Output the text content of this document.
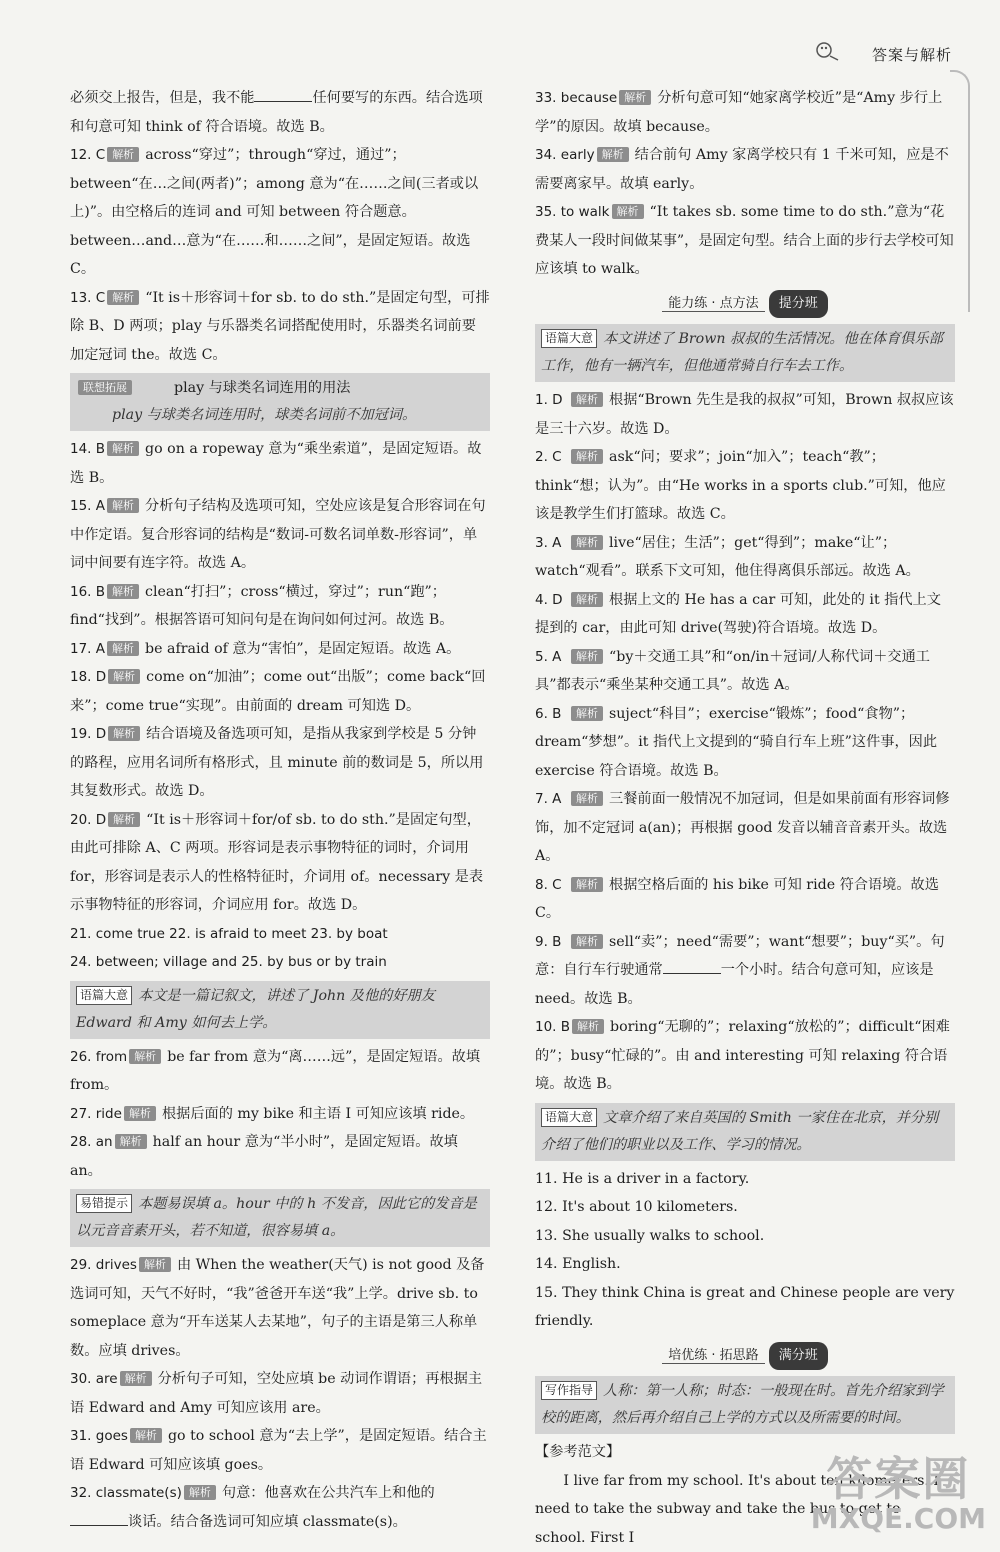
答案与解析

必须交上报告，但是，我不能	任何要写的东西。结合选项和句意可知 think of 符合语境。故选 B。

12. C 解析 across“穿过”；through“穿过，通过”；between“在…之间(两者)”；among 意为“在……之间(三者或以上)”。由空格后的连词 and 可知 between 符合题意。between…and…意为“在……和……之间”，是固定短语。故选 C。

13. C 解析 “It is＋形容词＋for sb. to do sth.”是固定句型，可排除 B、D 两项；play 与乐器类名词搭配使用时，乐器类名词前要加定冠词 the。故选 C。

联想拓展	play 与球类名词连用的用法

play 与球类名词连用时，球类名词前不加冠词。

14. B 解析 go on a ropeway 意为“乘坐索道”，是固定短语。故选 B。

15. A 解析 分析句子结构及选项可知，空处应该是复合形容词在句中作定语。复合形容词的结构是“数词-可数名词单数-形容词”，单词中间要有连字符。故选 A。

16. B 解析 clean“打扫”；cross“横过，穿过”；run“跑”；find“找到”。根据答语可知问句是在询问如何过河。故选 B。

17. A 解析 be afraid of 意为“害怕”，是固定短语。故选 A。

18. D 解析 come on“加油”；come out“出版”；come back“回来”；come true“实现”。由前面的 dream 可知选 D。

19. D 解析 结合语境及备选项可知，是指从我家到学校是 5 分钟的路程，应用名词所有格形式，且 minute 前的数词是 5，所以用其复数形式。故选 D。

20. D 解析 “It is＋形容词＋for/of sb. to do sth.”是固定句型，由此可排除 A、C 两项。形容词是表示事物特征的词时，介词用 for，形容词是表示人的性格特征时，介词用 of。necessary 是表示事物特征的形容词，介词应用 for。故选 D。

21. come true 22. is afraid to meet 23. by boat

24. between; village and 25. by bus or by train

语篇大意 本文是一篇记叙文，讲述了 John 及他的好朋友 Edward 和 Amy 如何去上学。

26. from 解析 be far from 意为“离……远”，是固定短语。故填 from。

27. ride 解析 根据后面的 my bike 和主语 I 可知应该填 ride。

28. an 解析 half an hour 意为“半小时”，是固定短语。故填 an。

易错提示 本题易误填 a。hour 中的 h 不发音，因此它的发音是以元音音素开头，若不知道，很容易填 a。

29. drives 解析 由 When the weather(天气) is not good 及备选词可知，天气不好时，“我”爸爸开车送“我”上学。drive sb. to someplace 意为“开车送某人去某地”，句子的主语是第三人称单数。应填 drives。

30. are 解析 分析句子可知，空处应填 be 动词作谓语；再根据主语 Edward and Amy 可知应该用 are。

31. goes 解析 go to school 意为“去上学”，是固定短语。结合主语 Edward 可知应该填 goes。

32. classmate(s) 解析 句意：他喜欢在公共汽车上和他的谈话。结合备选词可知应填 classmate(s)。

33. because 解析 分析句意可知“她家离学校近”是“Amy 步行上学”的原因。故填 because。

34. early 解析 结合前句 Amy 家离学校只有 1 千米可知，应是不需要离家早。故填 early。

35. to walk 解析 “It takes sb. some time to do sth.”意为“花费某人一段时间做某事”，是固定句型。结合上面的步行去学校可知应该填 to walk。

能力练 · 点方法 提分班
语篇大意 本文讲述了 Brown 叔叔的生活情况。他在体育俱乐部工作，他有一辆汽车，但他通常骑自行车去工作。

1. D 解析 根据“Brown 先生是我的叔叔”可知，Brown 叔叔应该是三十六岁。故选 D。

2. C 解析 ask“问；要求”；join“加入”；teach“教”；think“想；认为”。由“He works in a sports club.”可知，他应该是教学生们打篮球。故选 C。

3. A 解析 live“居住；生活”；get“得到”；make“让”；watch“观看”。联系下文可知，他住得离俱乐部远。故选 A。

4. D 解析 根据上文的 He has a car 可知，此处的 it 指代上文提到的 car，由此可知 drive(驾驶)符合语境。故选 D。

5. A 解析 “by＋交通工具”和“on/in＋冠词/人称代词＋交通工具”都表示“乘坐某种交通工具”。故选 A。

6. B 解析 suject“科目”；exercise“锻炼”；food“食物”；dream“梦想”。it 指代上文提到的“骑自行车上班”这件事，因此 exercise 符合语境。故选 B。

7. A 解析 三餐前面一般情况不加冠词，但是如果前面有形容词修饰，加不定冠词 a(an)；再根据 good 发音以辅音音素开头。故选 A。

8. C 解析 根据空格后面的 his bike 可知 ride 符合语境。故选 C。

9. B 解析 sell“卖”；need“需要”；want“想要”；buy“买”。句意：自行车行驶通常	一个小时。结合句意可知，应该是 need。故选 B。

10. B 解析 boring“无聊的”；relaxing“放松的”；difficult“困难的”；busy“忙碌的”。由 and interesting 可知 relaxing 符合语境。故选 B。

语篇大意 文章介绍了来自英国的 Smith 一家住在北京，并分别介绍了他们的职业以及工作、学习的情况。

11. He is a driver in a factory.

12. It's about 10 kilometers.

13. She usually walks to school.

14. English.

15. They think China is great and Chinese people are very friendly.

培优练 · 拓思路 满分班
写作指导 人称：第一人称；时态：一般现在时。首先介绍家到学校的距离，然后再介绍自己上学的方式以及所需要的时间。

【参考范文】

I live far from my school. It's about ten kilometers. I need to take the subway and take the bus to get to school. First I

答案圈
MXQE.COM
